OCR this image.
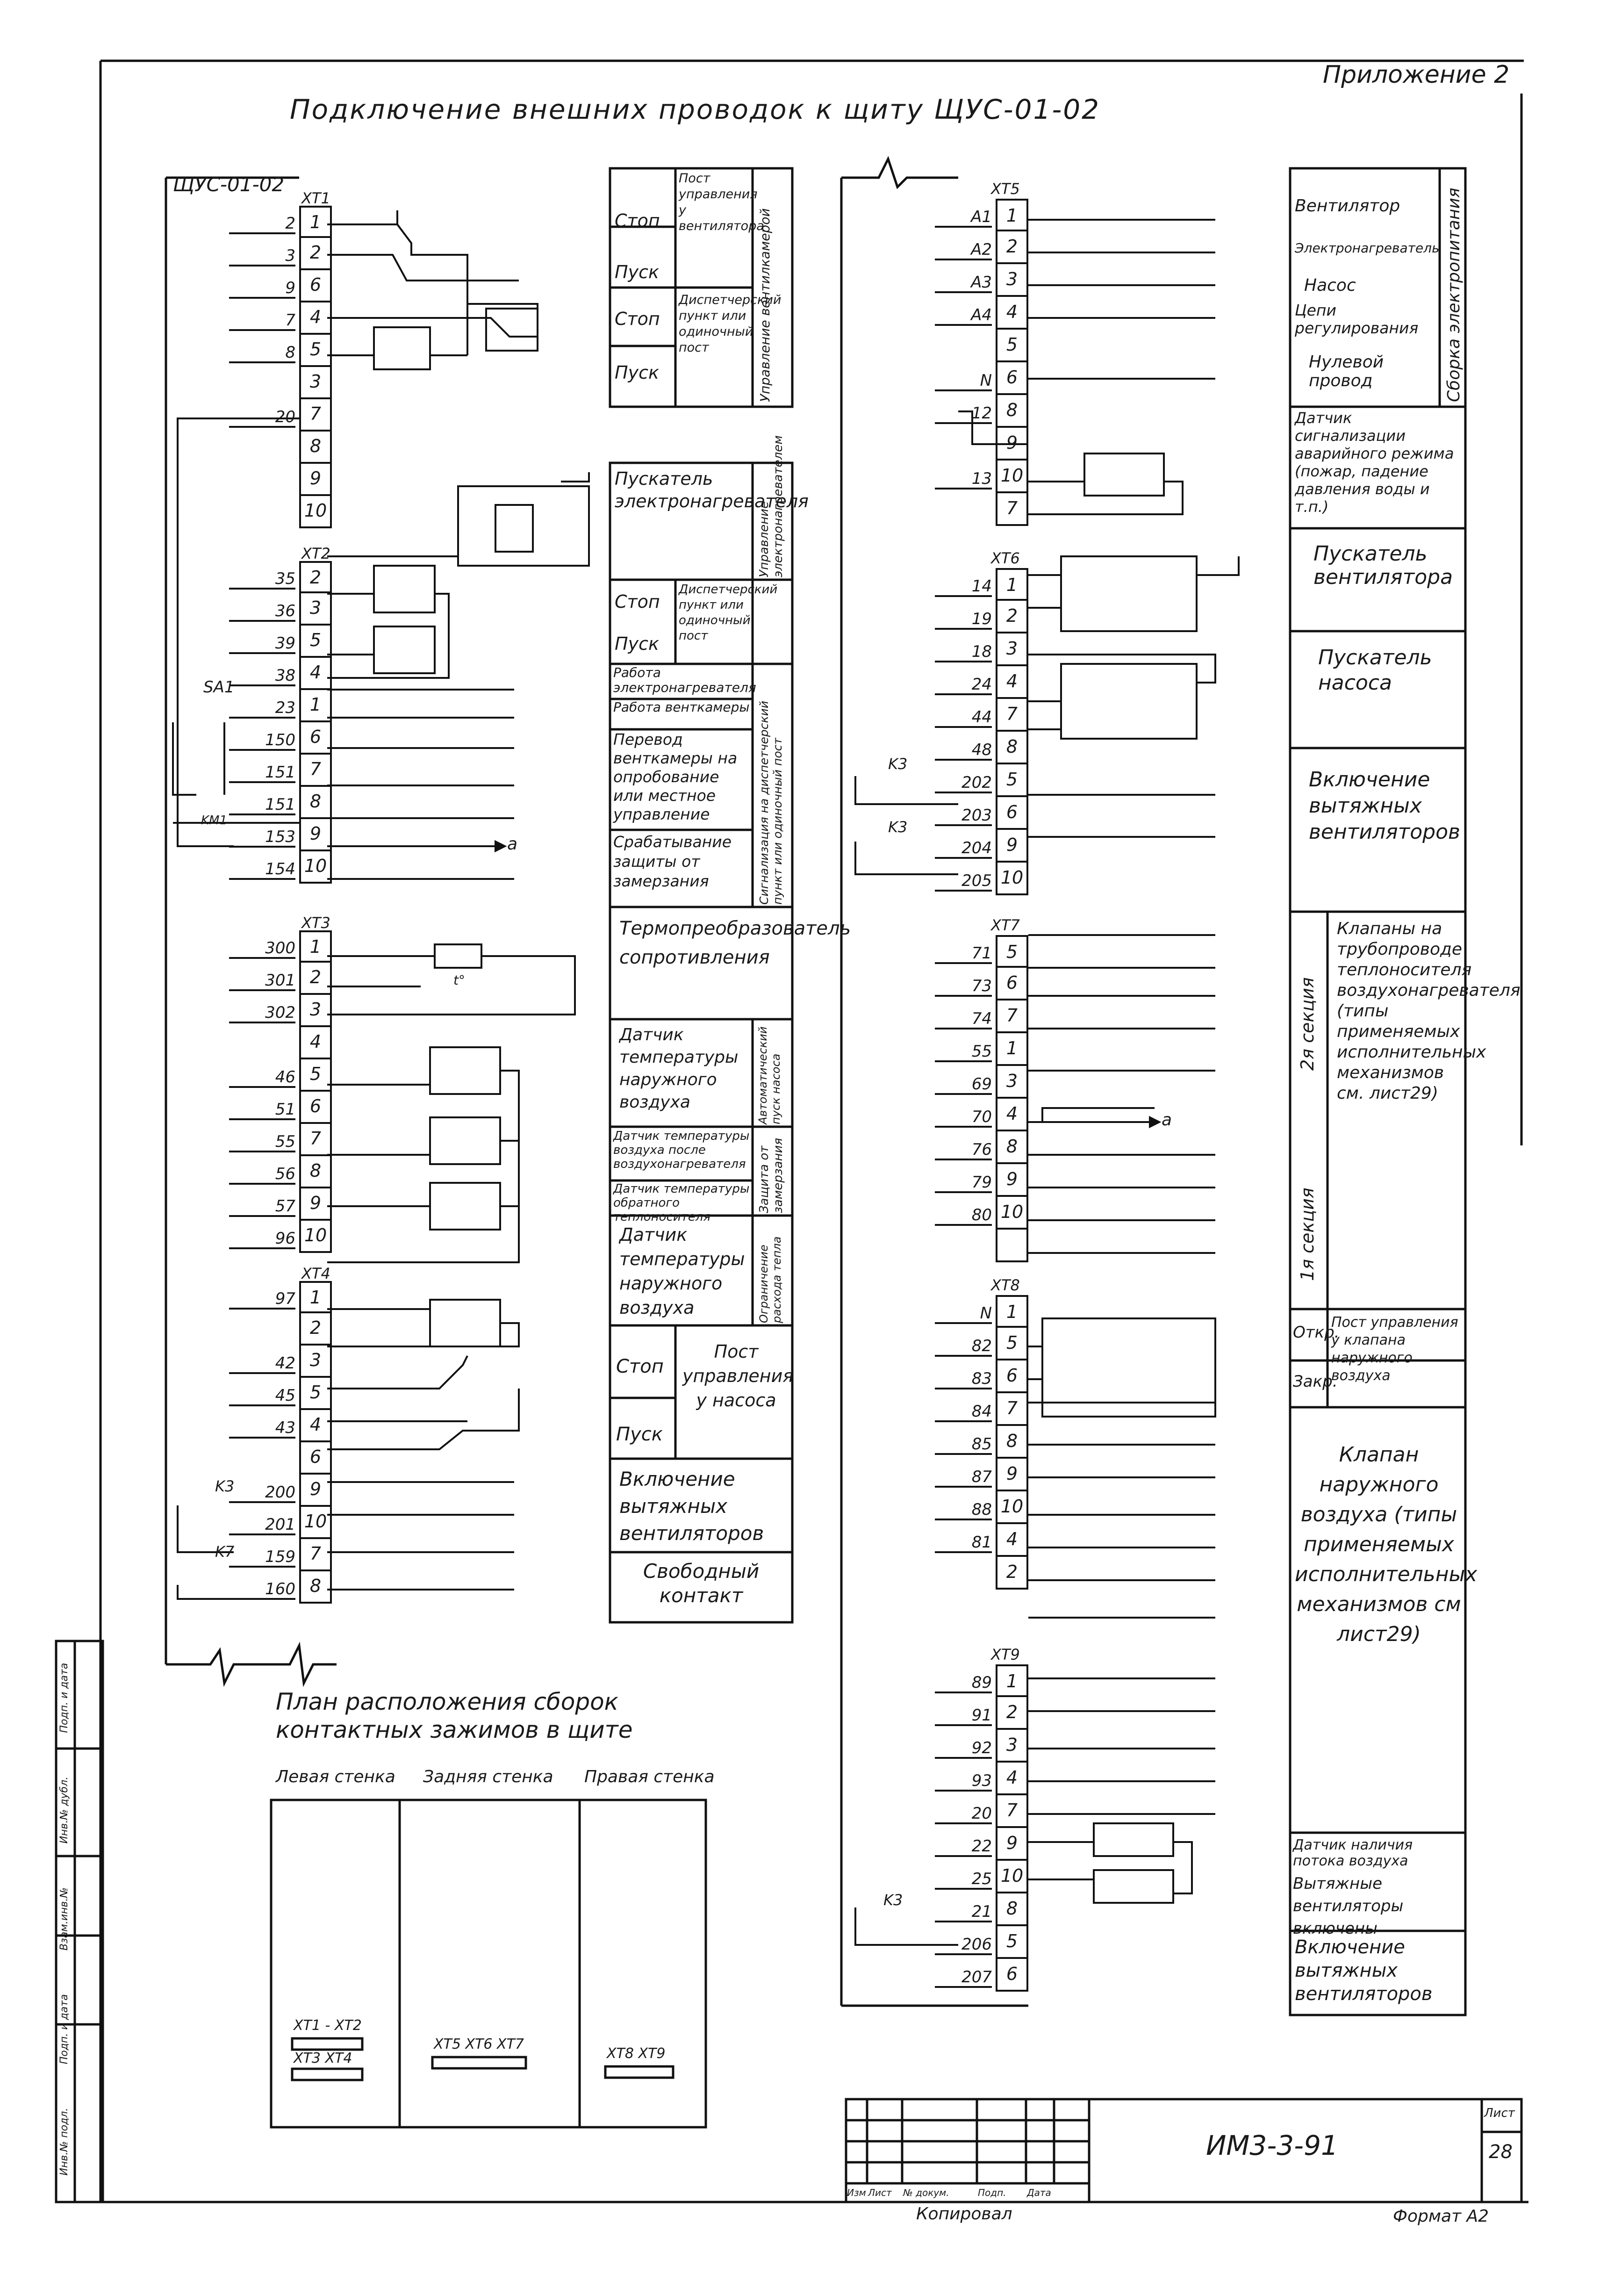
Приложение 2
Подключение внешних проводок к щиту ЩУС-01-02
ЩУС-01-02
XT1
2 1
3 2
9 6
7 4
8 5

3
20 7

8

9

10
XT2
35 2
36 3
39 5
38 4
23 1
150 6
151 7
151 8
153 9
154 10
XT3
300 1
301 2
302 3

4
46 5
51 6
55 7
56 8
57 9
96 10
XT4
97 1

2
42 3
45 5
43 4

6
200 9
201 10
159 7
160 8
XT5
A1 1
A2 2
A3 3
A4 4

5
N 6
12 8

9
13 10

7
XT6
14 1
19 2
18 3
24 4
44 7
48 8
202 5
203 6
204 9
205 10
XT7
71 5
73 6
74 7
55 1
69 3
70 4
76 8
79 9
80 10

XT8
N 1
82 5
83 6
84 7
85 8
87 9
88 10
81 4

2
XT9
89 1
91 2
92 3
93 4
20 7
22 9
25 10
21 8
206 5
207 6
SA1
KM1
a
t°
K3
K7
K3
K3
K3
a
Стоп
Пуск
Стоп
Пуск
Пост управления у вентилятора
Диспетчерский пункт или одиночный пост	Управление вентилкамерой
Пускатель электронагревателя
Управление электронагревателем
Стоп
Пуск
Диспетчерский пункт или одиночный пост
Работа электронагревателя
Работа венткамеры
Перевод венткамеры на опробование или местное управление
Срабатывание защиты от замерзания	Сигнализация на диспетчерский пункт или одиночный пост
Термопреобразователь сопротивления
Датчик температуры наружного воздуха	Автоматический пуск насоса
Датчик температуры воздуха после воздухонагревателя
Датчик температуры обратного теплоносителя
Защита от замерзания
Датчик температуры наружного воздуха	Ограничение расхода тепла
Стоп
Пуск
Пост управления у насоса
Включение вытяжных вентиляторов
Свободный контакт
Вентилятор
Электронагреватель
Насос
Цепи регулирования
Нулевой провод	Сборка электропитания
Датчик сигнализации аварийного режима (пожар, падение давления воды и т.п.)
Пускатель вентилятора
Пускатель насоса
Включение вытяжных вентиляторов
2я секция
1я секция
Клапаны на трубопроводе теплоносителя воздухонагревателя (типы применяемых исполнительных механизмов см. лист29)
Откр.
Закр.
Пост управления у клапана наружного воздуха
Клапан наружного воздуха (типы применяемых исполнительных механизмов см лист29)
Датчик наличия потока воздуха
Вытяжные вентиляторы включены
Включение вытяжных вентиляторов
План расположения сборок контактных зажимов в щите
Левая стенка Задняя стенка Правая стенка
XT1 - XT2
XT3 XT4
XT5 XT6 XT7
XT8 XT9
Инв.№ подл.
Подп. и дата
Взам.инв.№
Инв.№ дубл.
Подп. и дата
ИМ3-3-91
Лист
28
Изм Лист	№ докум.	Подп.	Дата
Копировал	Формат А2
